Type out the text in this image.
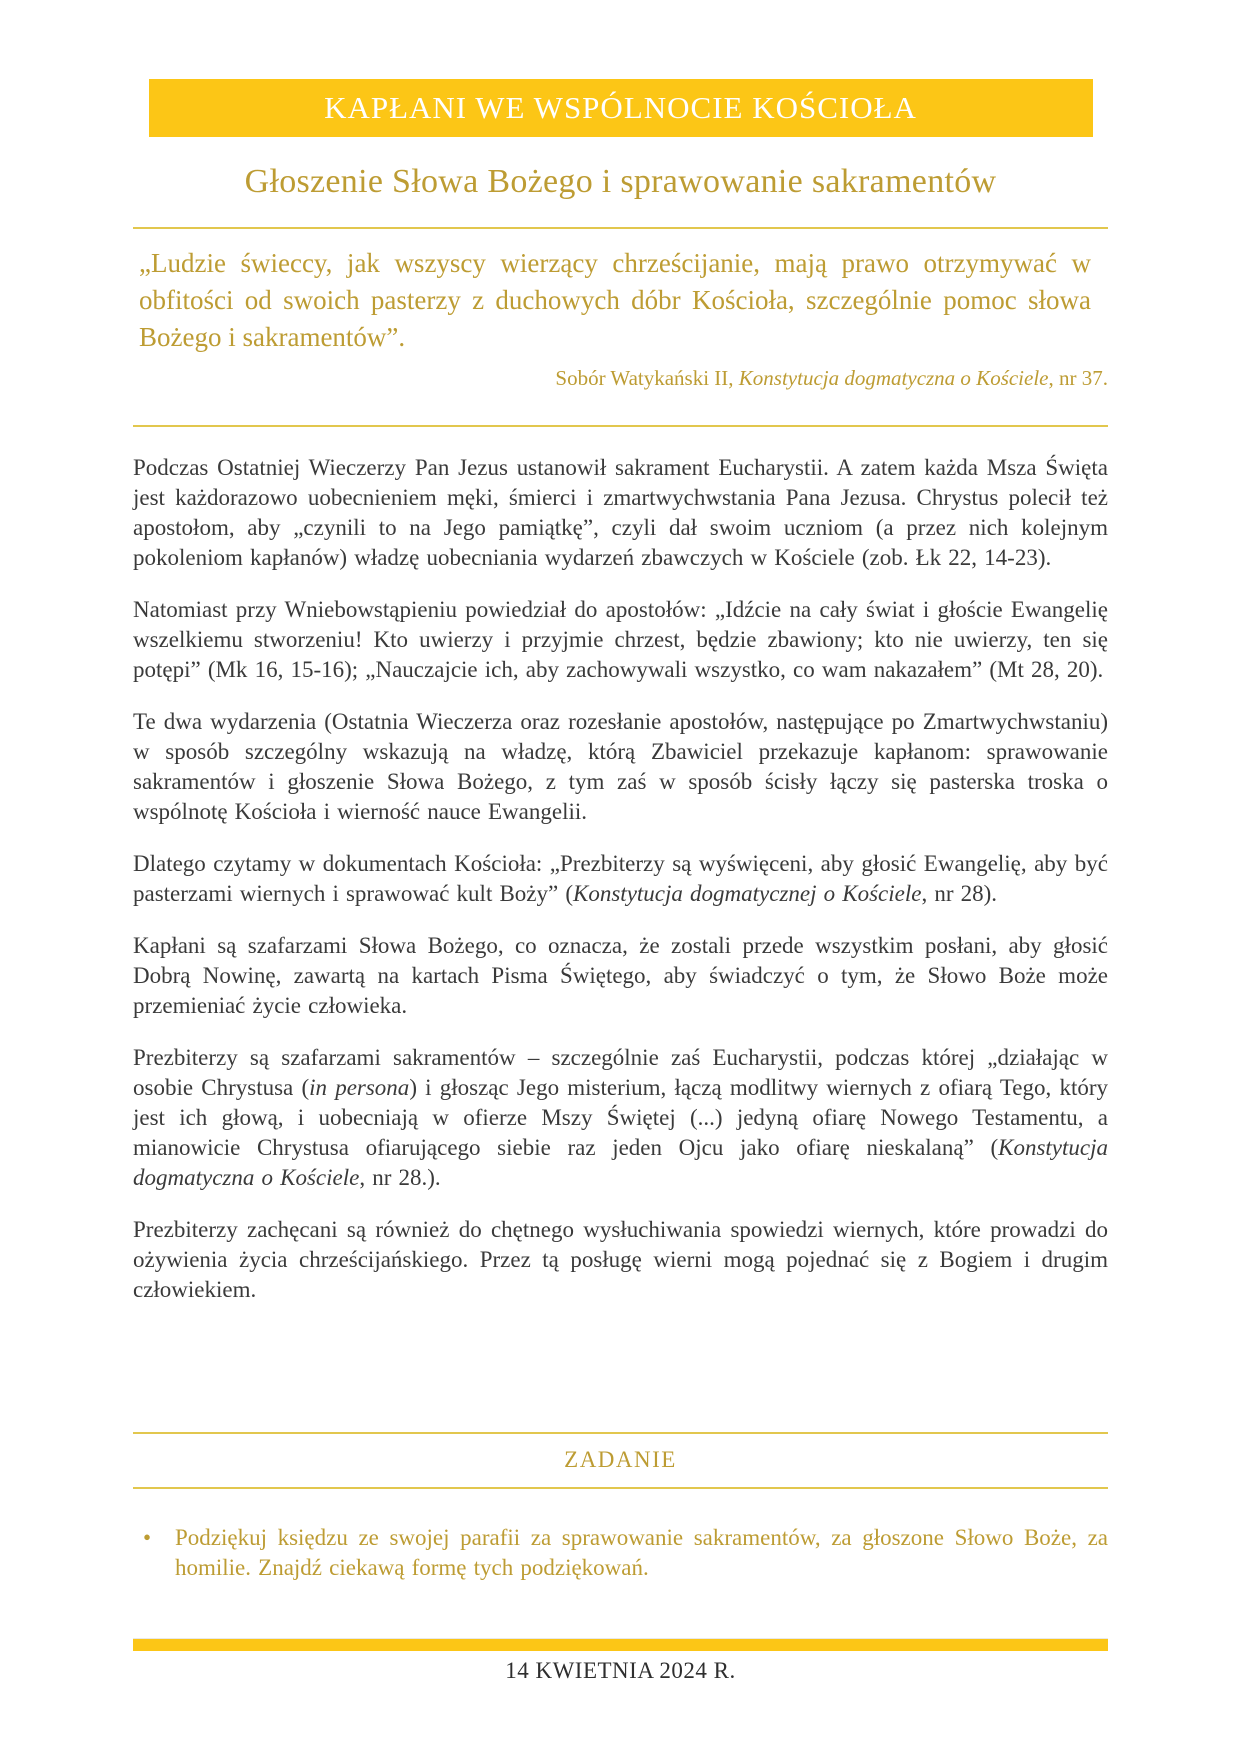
KAPŁANI WE WSPÓLNOCIE KOŚCIOŁA
Głoszenie Słowa Bożego i sprawowanie sakramentów

„Ludzie świeccy, jak wszyscy wierzący chrześcijanie, mają prawo otrzymywać w obfitości od swoich pasterzy z duchowych dóbr Kościoła, szczególnie pomoc słowa Bożego i sakramentów”.

Sobór Watykański II, Konstytucja dogmatyczna o Kościele, nr 37.

Podczas Ostatniej Wieczerzy Pan Jezus ustanowił sakrament Eucharystii. A zatem każda Msza Święta jest każdorazowo uobecnieniem męki, śmierci i zmartwychwstania Pana Jezusa. Chrystus polecił też apostołom, aby „czynili to na Jego pamiątkę”, czyli dał swoim uczniom (a przez nich kolejnym pokoleniom kapłanów) władzę uobecniania wydarzeń zbawczych w Kościele (zob. Łk 22, 14-23).

Natomiast przy Wniebowstąpieniu powiedział do apostołów: „Idźcie na cały świat i głoście Ewangelię wszelkiemu stworzeniu! Kto uwierzy i przyjmie chrzest, będzie zbawiony; kto nie uwierzy, ten się potępi” (Mk 16, 15-16); „Nauczajcie ich, aby zachowywali wszystko, co wam nakazałem” (Mt 28, 20).

Te dwa wydarzenia (Ostatnia Wieczerza oraz rozesłanie apostołów, następujące po Zmartwychwstaniu) w sposób szczególny wskazują na władzę, którą Zbawiciel przekazuje kapłanom: sprawowanie sakramentów i głoszenie Słowa Bożego, z tym zaś w sposób ścisły łączy się pasterska troska o wspólnotę Kościoła i wierność nauce Ewangelii.

Dlatego czytamy w dokumentach Kościoła: „Prezbiterzy są wyświęceni, aby głosić Ewangelię, aby być pasterzami wiernych i sprawować kult Boży” (Konstytucja dogmatycznej o Kościele, nr 28).

Kapłani są szafarzami Słowa Bożego, co oznacza, że zostali przede wszystkim posłani, aby głosić Dobrą Nowinę, zawartą na kartach Pisma Świętego, aby świadczyć o tym, że Słowo Boże może przemieniać życie człowieka.

Prezbiterzy są szafarzami sakramentów – szczególnie zaś Eucharystii, podczas której „działając w osobie Chrystusa (in persona) i głosząc Jego misterium, łączą modlitwy wiernych z ofiarą Tego, który jest ich głową, i uobecniają w ofierze Mszy Świętej (...) jedyną ofiarę Nowego Testamentu, a mianowicie Chrystusa ofiarującego siebie raz jeden Ojcu jako ofiarę nieskalaną” (Konstytucja dogmatyczna o Kościele, nr 28.).

Prezbiterzy zachęcani są również do chętnego wysłuchiwania spowiedzi wiernych, które prowadzi do ożywienia życia chrześcijańskiego. Przez tą posługę wierni mogą pojednać się z Bogiem i drugim człowiekiem.

ZADANIE
•	Podziękuj księdzu ze swojej parafii za sprawowanie sakramentów, za głoszone Słowo Boże, za homilie. Znajdź ciekawą formę tych podziękowań.
14 KWIETNIA 2024 R.
